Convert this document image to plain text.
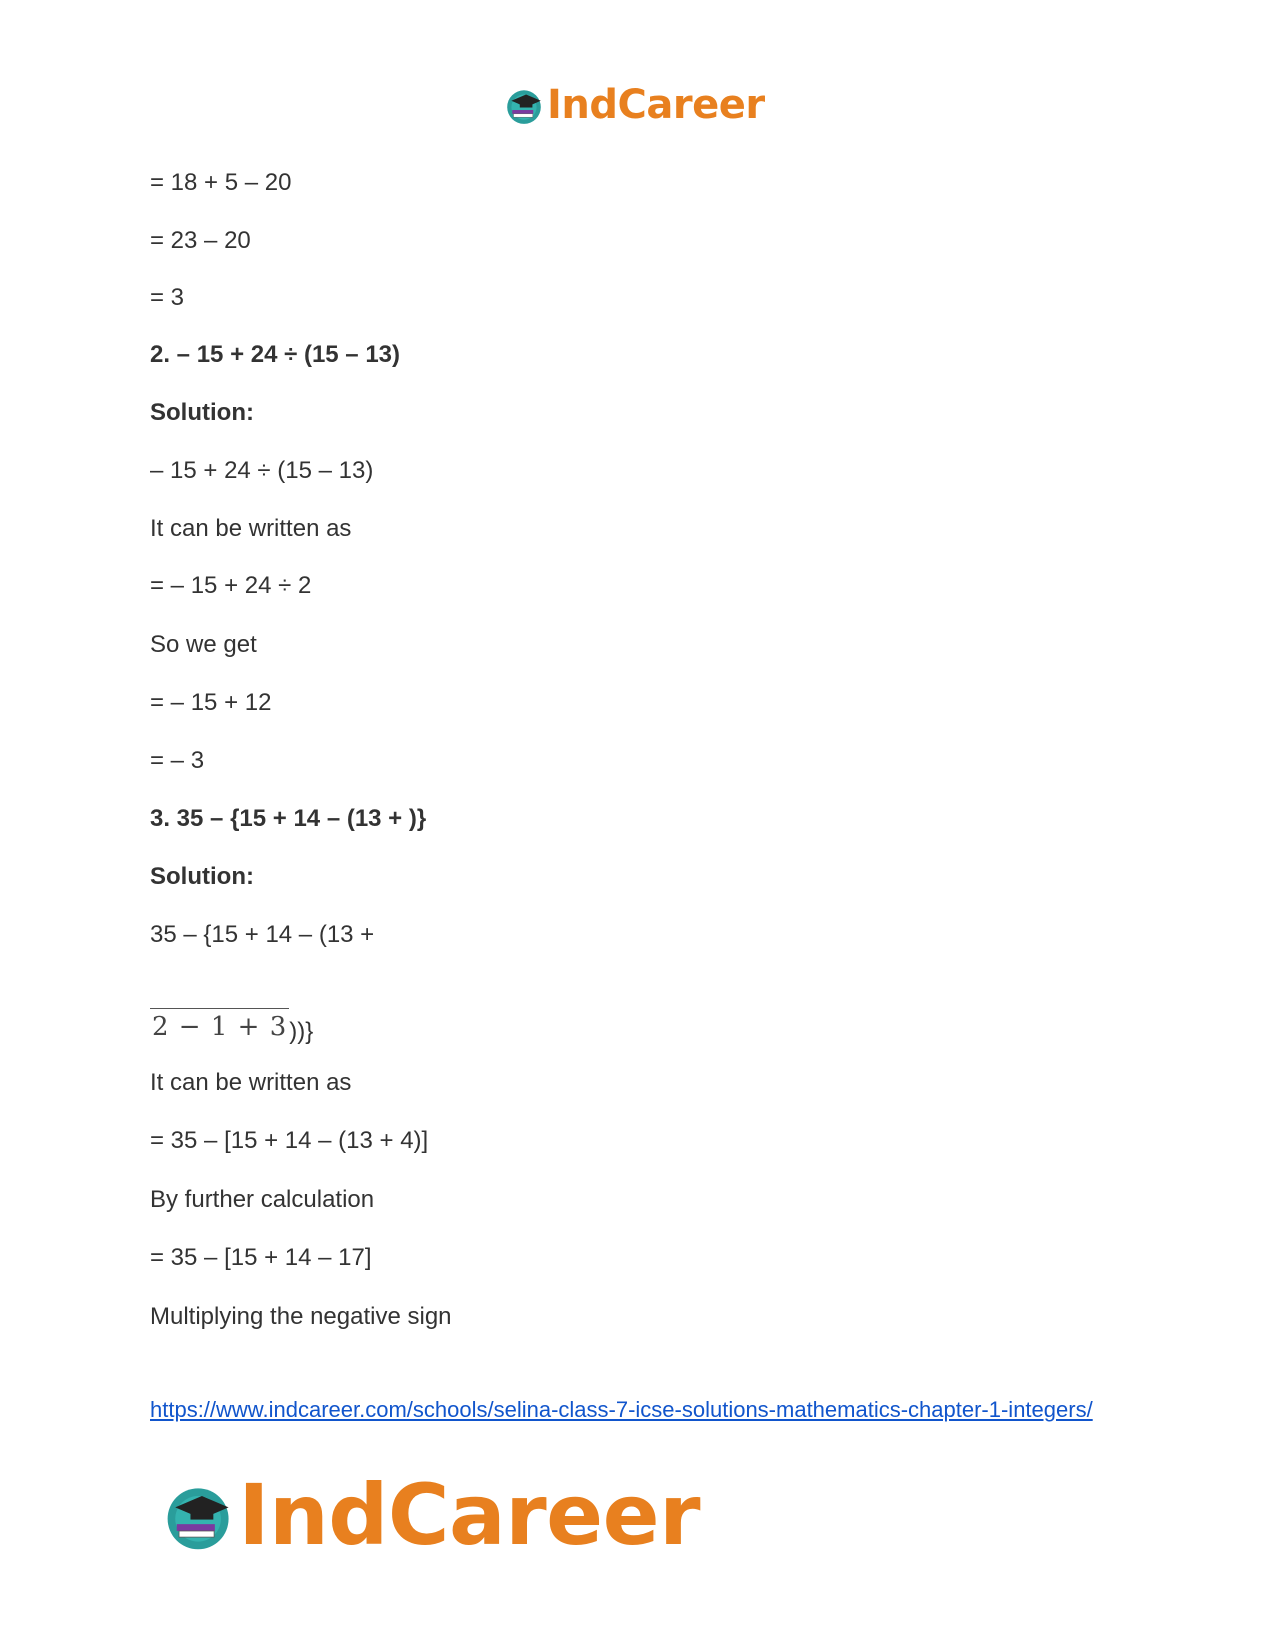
IndCareer
= 18 + 5 – 20
= 23 – 20
= 3
2. – 15 + 24 ÷ (15 – 13)
Solution:
– 15 + 24 ÷ (15 – 13)
It can be written as
= – 15 + 24 ÷ 2
So we get
= – 15 + 12
= – 3
3. 35 – {15 + 14 – (13 + )}
Solution:
35 – {15 + 14 – (13 +
2 − 1 + 3 ))}
It can be written as
= 35 – [15 + 14 – (13 + 4)]
By further calculation
= 35 – [15 + 14 – 17]
Multiplying the negative sign
https://www.indcareer.com/schools/selina-class-7-icse-solutions-mathematics-chapter-1-integers/
IndCareer
